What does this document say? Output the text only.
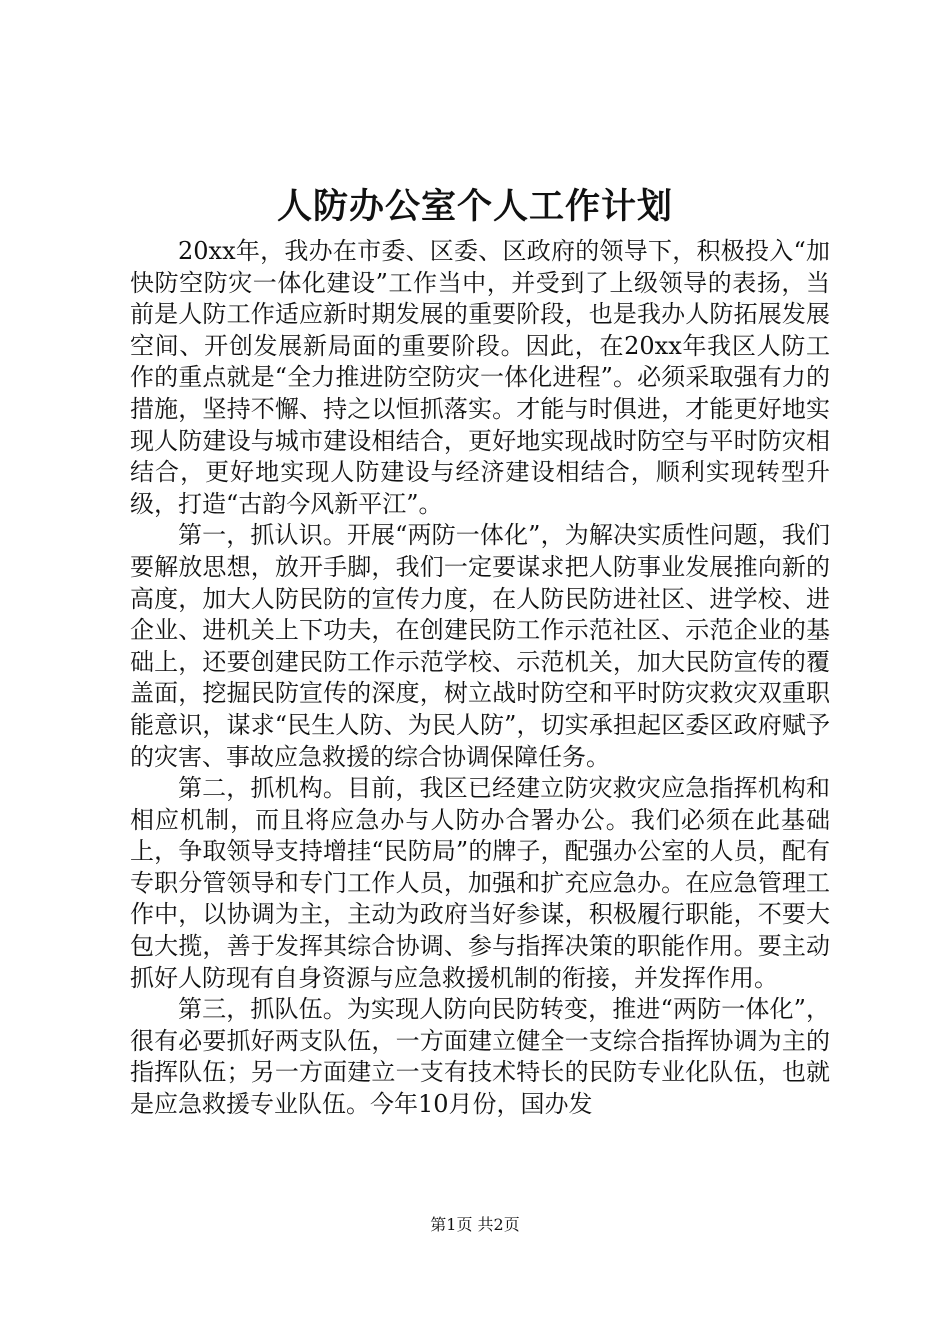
人防办公室个人工作计划

20xx年，我办在市委、区委、区政府的领导下，积极投入“加快防空防灾一体化建设”工作当中，并受到了上级领导的表扬，当前是人防工作适应新时期发展的重要阶段，也是我办人防拓展发展空间、开创发展新局面的重要阶段。因此，在20xx年我区人防工作的重点就是“全力推进防空防灾一体化进程”。必须采取强有力的措施，坚持不懈、持之以恒抓落实。才能与时俱进，才能更好地实现人防建设与城市建设相结合，更好地实现战时防空与平时防灾相结合，更好地实现人防建设与经济建设相结合，顺利实现转型升级，打造“古韵今风新平江”。

第一，抓认识。开展“两防一体化”，为解决实质性问题，我们要解放思想，放开手脚，我们一定要谋求把人防事业发展推向新的高度，加大人防民防的宣传力度，在人防民防进社区、进学校、进企业、进机关上下功夫，在创建民防工作示范社区、示范企业的基础上，还要创建民防工作示范学校、示范机关，加大民防宣传的覆盖面，挖掘民防宣传的深度，树立战时防空和平时防灾救灾双重职能意识，谋求“民生人防、为民人防”，切实承担起区委区政府赋予的灾害、事故应急救援的综合协调保障任务。

第二，抓机构。目前，我区已经建立防灾救灾应急指挥机构和相应机制，而且将应急办与人防办合署办公。我们必须在此基础上，争取领导支持增挂“民防局”的牌子，配强办公室的人员，配有专职分管领导和专门工作人员，加强和扩充应急办。在应急管理工作中，以协调为主，主动为政府当好参谋，积极履行职能，不要大包大揽，善于发挥其综合协调、参与指挥决策的职能作用。要主动抓好人防现有自身资源与应急救援机制的衔接，并发挥作用。

第三，抓队伍。为实现人防向民防转变，推进“两防一体化”，很有必要抓好两支队伍，一方面建立健全一支综合指挥协调为主的指挥队伍；另一方面建立一支有技术特长的民防专业化队伍，也就是应急救援专业队伍。今年10月份，国办发

第1页 共2页
